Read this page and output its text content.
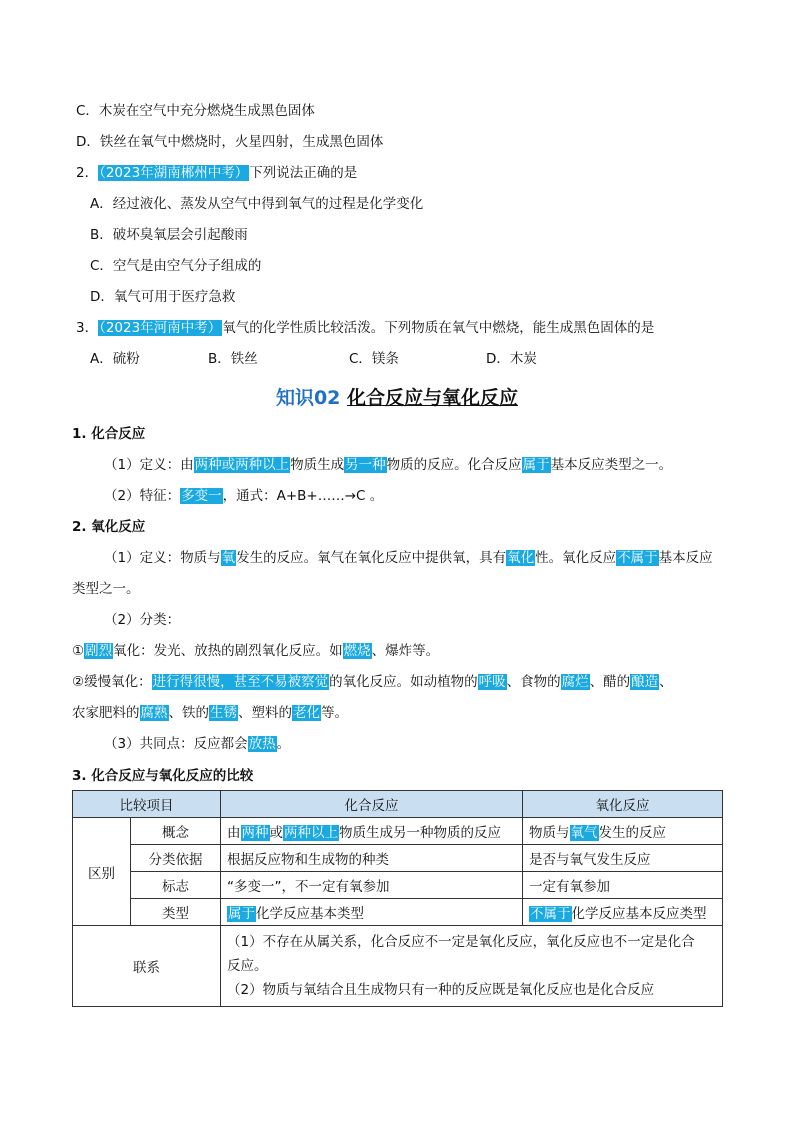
C．木炭在空气中充分燃烧生成黑色固体
D．铁丝在氧气中燃烧时，火星四射，生成黑色固体
2．（2023年湖南郴州中考）下列说法正确的是
A．经过液化、蒸发从空气中得到氧气的过程是化学变化
B．破坏臭氧层会引起酸雨
C．空气是由空气分子组成的
D．氧气可用于医疗急救
3．（2023年河南中考）氧气的化学性质比较活泼。下列物质在氧气中燃烧，能生成黑色固体的是
A．硫粉	B．铁丝	C．镁条	D．木炭
知识02 化合反应与氧化反应
1. 化合反应
（1）定义：由两种或两种以上物质生成另一种物质的反应。化合反应属于基本反应类型之一。
（2）特征：多变一，通式：A+B+……→C 。
2. 氧化反应
（1）定义：物质与氧发生的反应。氧气在氧化反应中提供氧，具有氧化性。氧化反应不属于基本反应
类型之一。
（2）分类：
①剧烈氧化：发光、放热的剧烈氧化反应。如燃烧、爆炸等。
②缓慢氧化：进行得很慢，甚至不易被察觉的氧化反应。如动植物的呼吸、食物的腐烂、醋的酿造、
农家肥料的腐熟、铁的生锈、塑料的老化等。
（3）共同点：反应都会放热。
3. 化合反应与氧化反应的比较
比较项目		化合反应	氧化反应
区别	概念	由两种或两种以上物质生成另一种物质的反应	物质与氧气发生的反应
	分类依据	根据反应物和生成物的种类	是否与氧气发生反应
	标志	“多变一”，不一定有氧参加	一定有氧参加
	类型	属于化学反应基本类型	不属于化学反应基本反应类型
联系		（1）不存在从属关系，化合反应不一定是氧化反应，氧化反应也不一定是化合
反应。
（2）物质与氧结合且生成物只有一种的反应既是氧化反应也是化合反应	
